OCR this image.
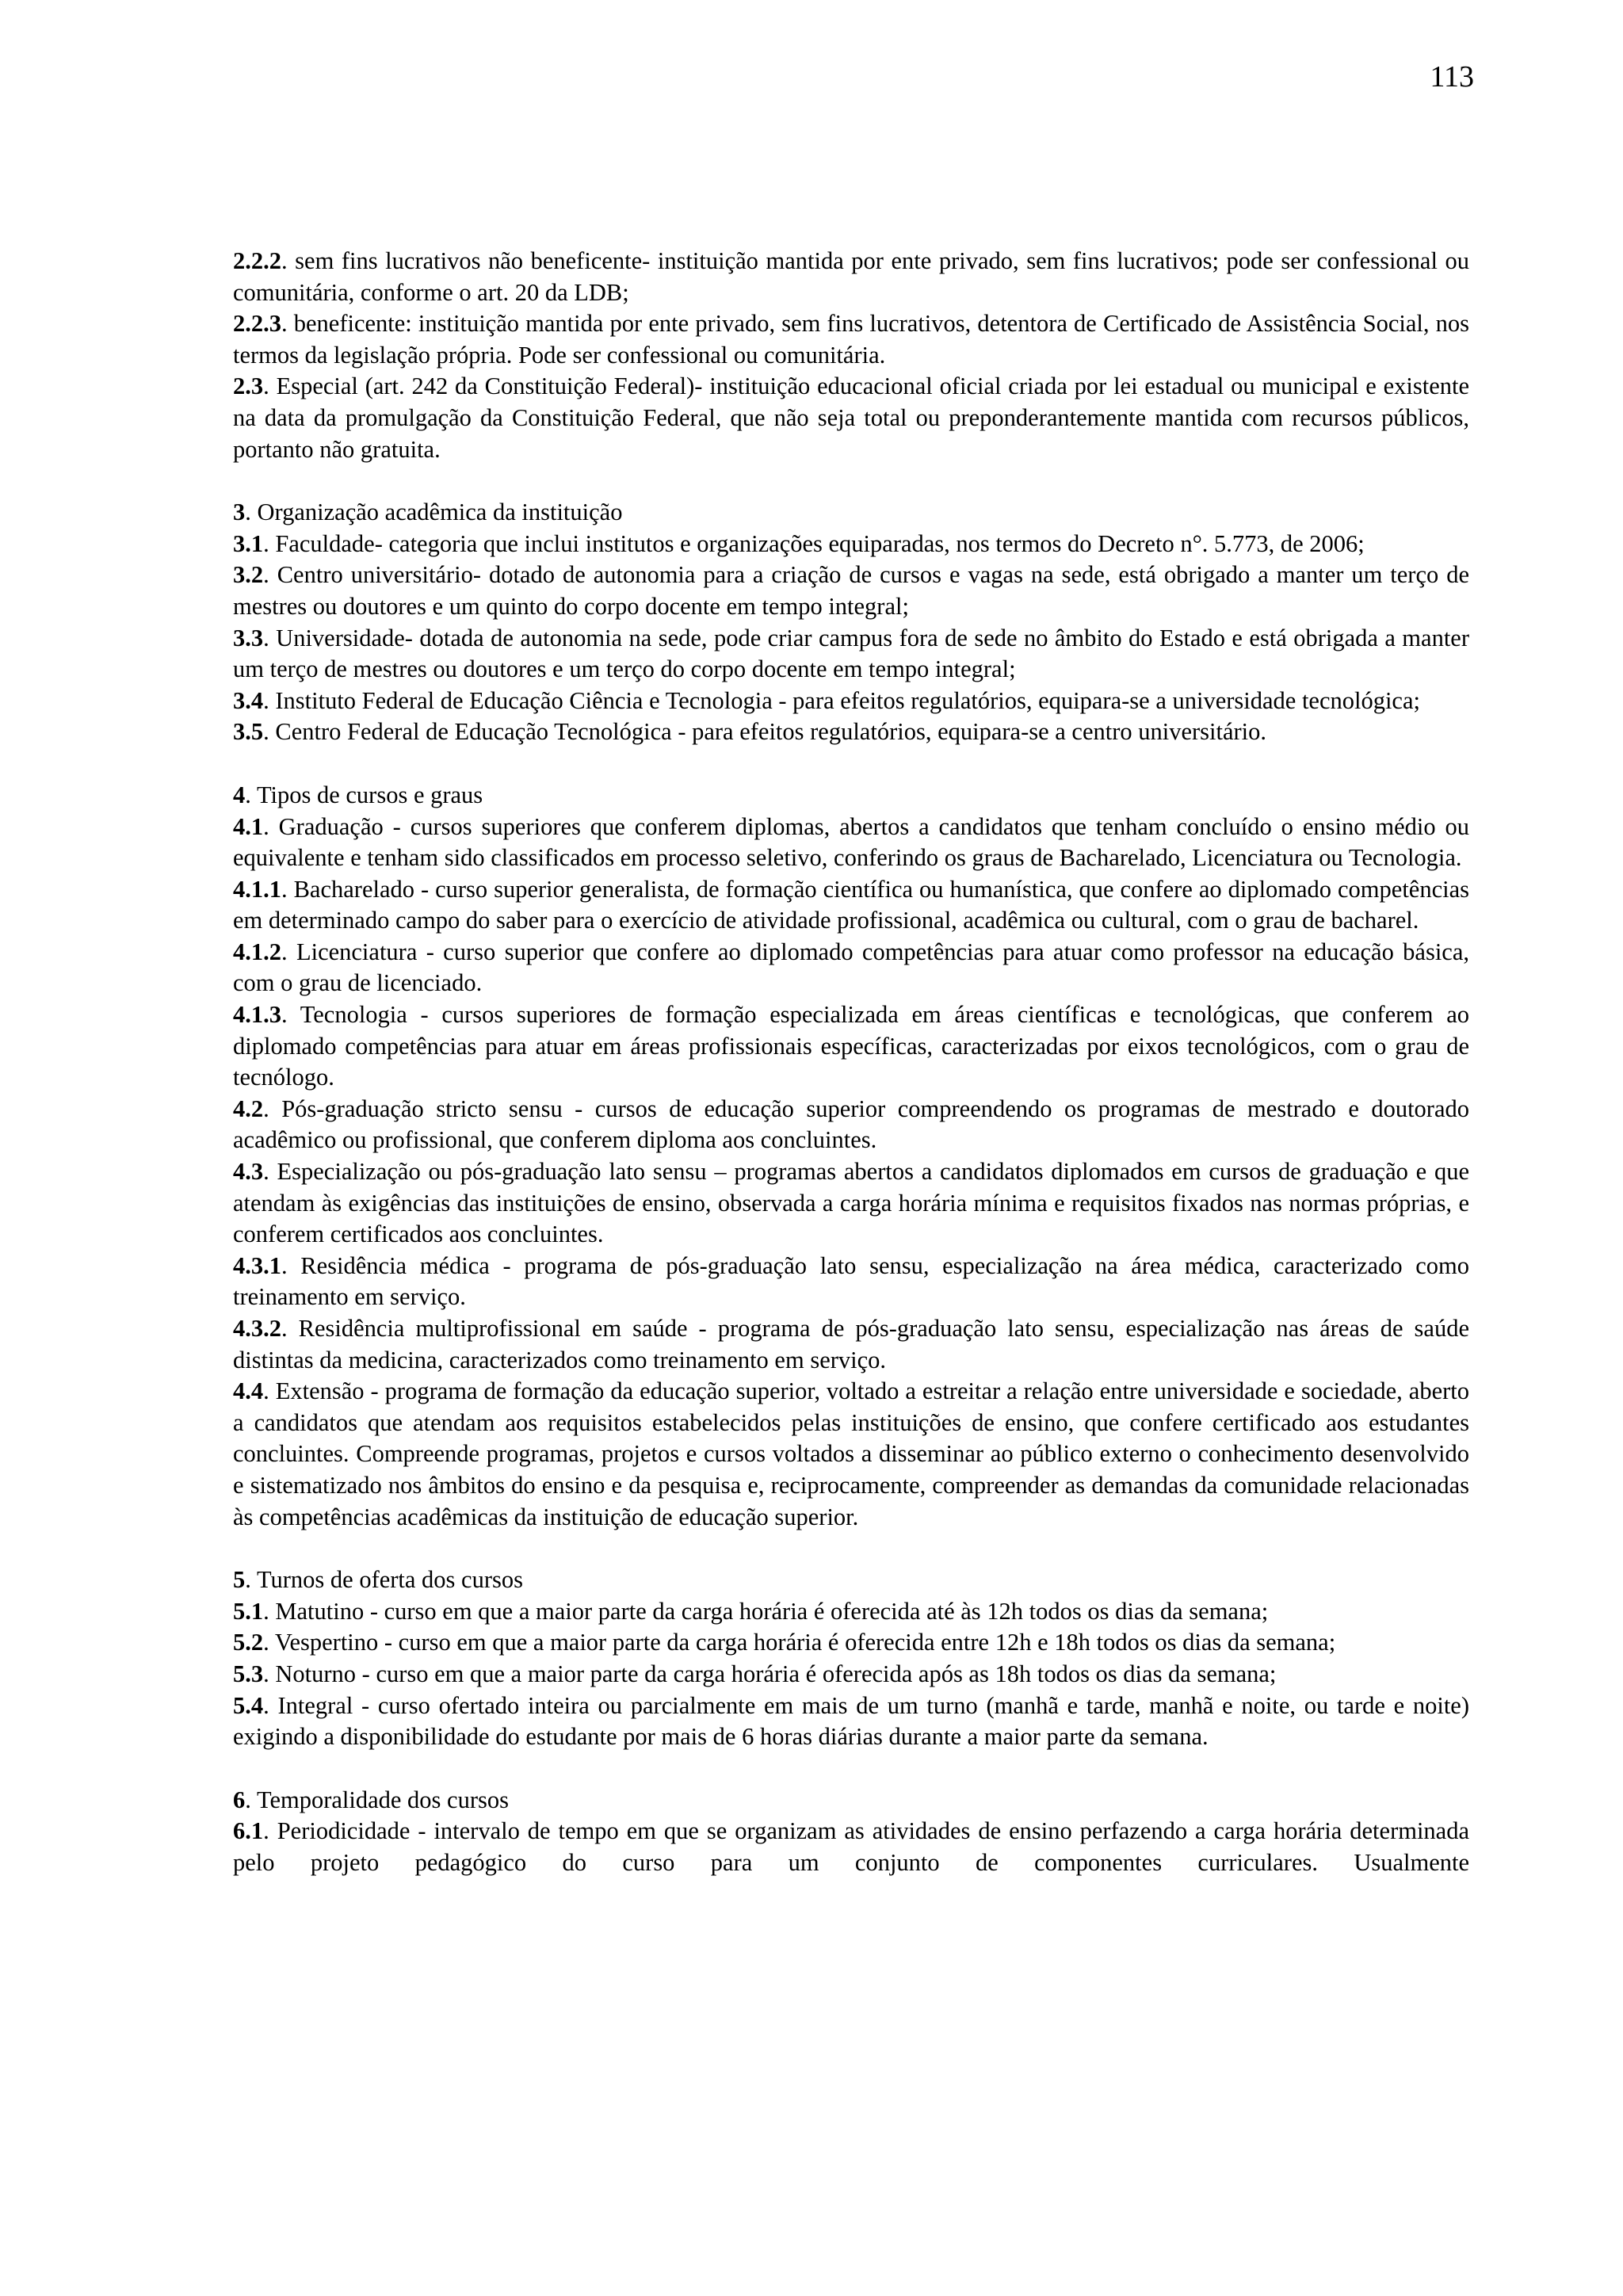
113

2.2.2. sem fins lucrativos não beneficente- instituição mantida por ente privado, sem fins lucrativos; pode ser confessional ou comunitária, conforme o art. 20 da LDB;

2.2.3. beneficente: instituição mantida por ente privado, sem fins lucrativos, detentora de Certificado de Assistência Social, nos termos da legislação própria. Pode ser confessional ou comunitária.

2.3. Especial (art. 242 da Constituição Federal)- instituição educacional oficial criada por lei estadual ou municipal e existente na data da promulgação da Constituição Federal, que não seja total ou preponderantemente mantida com recursos públicos, portanto não gratuita.

3. Organização acadêmica da instituição

3.1. Faculdade- categoria que inclui institutos e organizações equiparadas, nos termos do Decreto n°. 5.773, de 2006;

3.2. Centro universitário- dotado de autonomia para a criação de cursos e vagas na sede, está obrigado a manter um terço de mestres ou doutores e um quinto do corpo docente em tempo integral;

3.3. Universidade- dotada de autonomia na sede, pode criar campus fora de sede no âmbito do Estado e está obrigada a manter um terço de mestres ou doutores e um terço do corpo docente em tempo integral;

3.4. Instituto Federal de Educação Ciência e Tecnologia - para efeitos regulatórios, equipara-se a universidade tecnológica;

3.5. Centro Federal de Educação Tecnológica - para efeitos regulatórios, equipara-se a centro universitário.

4. Tipos de cursos e graus

4.1. Graduação - cursos superiores que conferem diplomas, abertos a candidatos que tenham concluído o ensino médio ou equivalente e tenham sido classificados em processo seletivo, conferindo os graus de Bacharelado, Licenciatura ou Tecnologia.

4.1.1. Bacharelado - curso superior generalista, de formação científica ou humanística, que confere ao diplomado competências em determinado campo do saber para o exercício de atividade profissional, acadêmica ou cultural, com o grau de bacharel.

4.1.2. Licenciatura - curso superior que confere ao diplomado competências para atuar como professor na educação básica, com o grau de licenciado.

4.1.3. Tecnologia - cursos superiores de formação especializada em áreas científicas e tecnológicas, que conferem ao diplomado competências para atuar em áreas profissionais específicas, caracterizadas por eixos tecnológicos, com o grau de tecnólogo.

4.2. Pós-graduação stricto sensu - cursos de educação superior compreendendo os programas de mestrado e doutorado acadêmico ou profissional, que conferem diploma aos concluintes.

4.3. Especialização ou pós-graduação lato sensu – programas abertos a candidatos diplomados em cursos de graduação e que atendam às exigências das instituições de ensino, observada a carga horária mínima e requisitos fixados nas normas próprias, e conferem certificados aos concluintes.

4.3.1. Residência médica - programa de pós-graduação lato sensu, especialização na área médica, caracterizado como treinamento em serviço.

4.3.2. Residência multiprofissional em saúde - programa de pós-graduação lato sensu, especialização nas áreas de saúde distintas da medicina, caracterizados como treinamento em serviço.

4.4. Extensão - programa de formação da educação superior, voltado a estreitar a relação entre universidade e sociedade, aberto a candidatos que atendam aos requisitos estabelecidos pelas instituições de ensino, que confere certificado aos estudantes concluintes. Compreende programas, projetos e cursos voltados a disseminar ao público externo o conhecimento desenvolvido e sistematizado nos âmbitos do ensino e da pesquisa e, reciprocamente, compreender as demandas da comunidade relacionadas às competências acadêmicas da instituição de educação superior.

5. Turnos de oferta dos cursos

5.1. Matutino - curso em que a maior parte da carga horária é oferecida até às 12h todos os dias da semana;

5.2. Vespertino - curso em que a maior parte da carga horária é oferecida entre 12h e 18h todos os dias da semana;

5.3. Noturno - curso em que a maior parte da carga horária é oferecida após as 18h todos os dias da semana;

5.4. Integral - curso ofertado inteira ou parcialmente em mais de um turno (manhã e tarde, manhã e noite, ou tarde e noite) exigindo a disponibilidade do estudante por mais de 6 horas diárias durante a maior parte da semana.

6. Temporalidade dos cursos

6.1. Periodicidade - intervalo de tempo em que se organizam as atividades de ensino perfazendo a carga horária determinada pelo projeto pedagógico do curso para um conjunto de componentes curriculares. Usualmente
